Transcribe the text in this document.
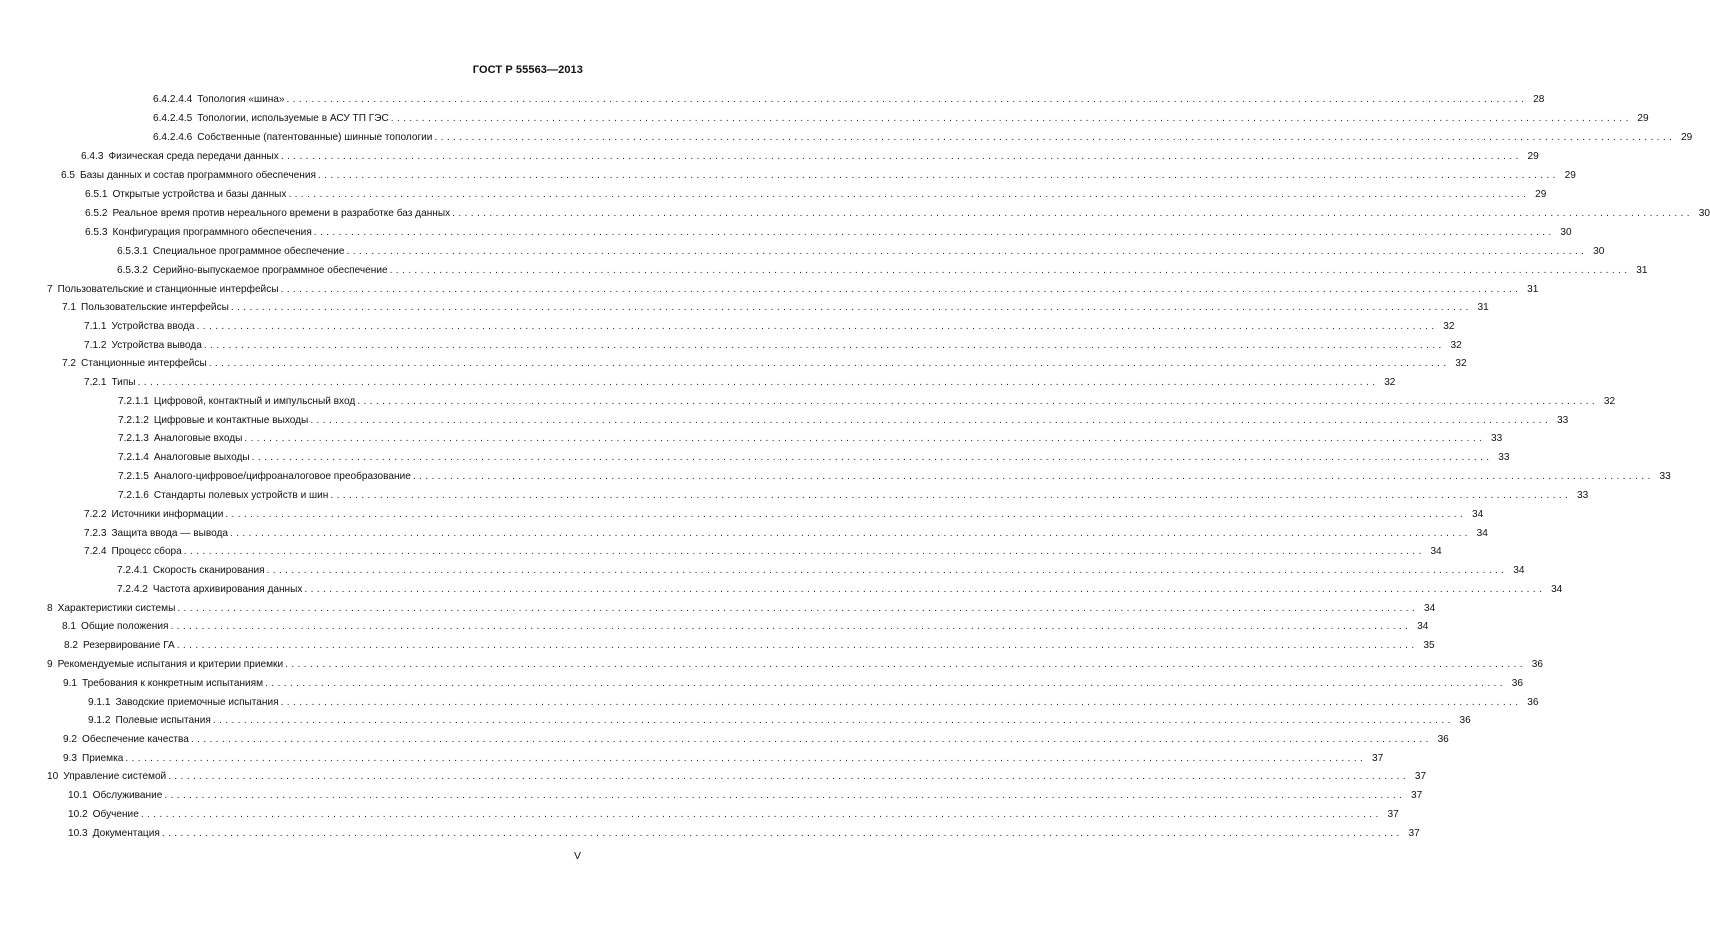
ГОСТ Р 55563—2013
6.4.2.4.4 Топология «шина» ........................................................................................................................................................................................................ 28
6.4.2.4.5 Топологии, используемые в АСУ ТП ГЭС ........................................................................................................................................................................................................ 29
6.4.2.4.6 Собственные (патентованные) шинные топологии ........................................................................................................................................................................................................ 29
6.4.3 Физическая среда передачи данных ........................................................................................................................................................................................................ 29
6.5 Базы данных и состав программного обеспечения ........................................................................................................................................................................................................ 29
6.5.1 Открытые устройства и базы данных ........................................................................................................................................................................................................ 29
6.5.2 Реальное время против нереального времени в разработке баз данных ........................................................................................................................................................................................................ 30
6.5.3 Конфигурация программного обеспечения ........................................................................................................................................................................................................ 30
6.5.3.1 Специальное программное обеспечение ........................................................................................................................................................................................................ 30
6.5.3.2 Серийно-выпускаемое программное обеспечение ........................................................................................................................................................................................................ 31
7 Пользовательские и станционные интерфейсы ........................................................................................................................................................................................................ 31
7.1 Пользовательские интерфейсы ........................................................................................................................................................................................................ 31
7.1.1 Устройства ввода ........................................................................................................................................................................................................ 32
7.1.2 Устройства вывода ........................................................................................................................................................................................................ 32
7.2 Станционные интерфейсы ........................................................................................................................................................................................................ 32
7.2.1 Типы ........................................................................................................................................................................................................ 32
7.2.1.1 Цифровой, контактный и импульсный вход ........................................................................................................................................................................................................ 32
7.2.1.2 Цифровые и контактные выходы ........................................................................................................................................................................................................ 33
7.2.1.3 Аналоговые входы ........................................................................................................................................................................................................ 33
7.2.1.4 Аналоговые выходы ........................................................................................................................................................................................................ 33
7.2.1.5 Аналого-цифровое/цифроаналоговое преобразование ........................................................................................................................................................................................................ 33
7.2.1.6 Стандарты полевых устройств и шин ........................................................................................................................................................................................................ 33
7.2.2 Источники информации ........................................................................................................................................................................................................ 34
7.2.3 Защита ввода — вывода ........................................................................................................................................................................................................ 34
7.2.4 Процесс сбора ........................................................................................................................................................................................................ 34
7.2.4.1 Скорость сканирования ........................................................................................................................................................................................................ 34
7.2.4.2 Частота архивирования данных ........................................................................................................................................................................................................ 34
8 Характеристики системы ........................................................................................................................................................................................................ 34
8.1 Общие положения ........................................................................................................................................................................................................ 34
8.2 Резервирование ГА ........................................................................................................................................................................................................ 35
9 Рекомендуемые испытания и критерии приемки ........................................................................................................................................................................................................ 36
9.1 Требования к конкретным испытаниям ........................................................................................................................................................................................................ 36
9.1.1 Заводские приемочные испытания ........................................................................................................................................................................................................ 36
9.1.2 Полевые испытания ........................................................................................................................................................................................................ 36
9.2 Обеспечение качества ........................................................................................................................................................................................................ 36
9.3 Приемка ........................................................................................................................................................................................................ 37
10 Управление системой ........................................................................................................................................................................................................ 37
10.1 Обслуживание ........................................................................................................................................................................................................ 37
10.2 Обучение ........................................................................................................................................................................................................ 37
10.3 Документация ........................................................................................................................................................................................................ 37
V
